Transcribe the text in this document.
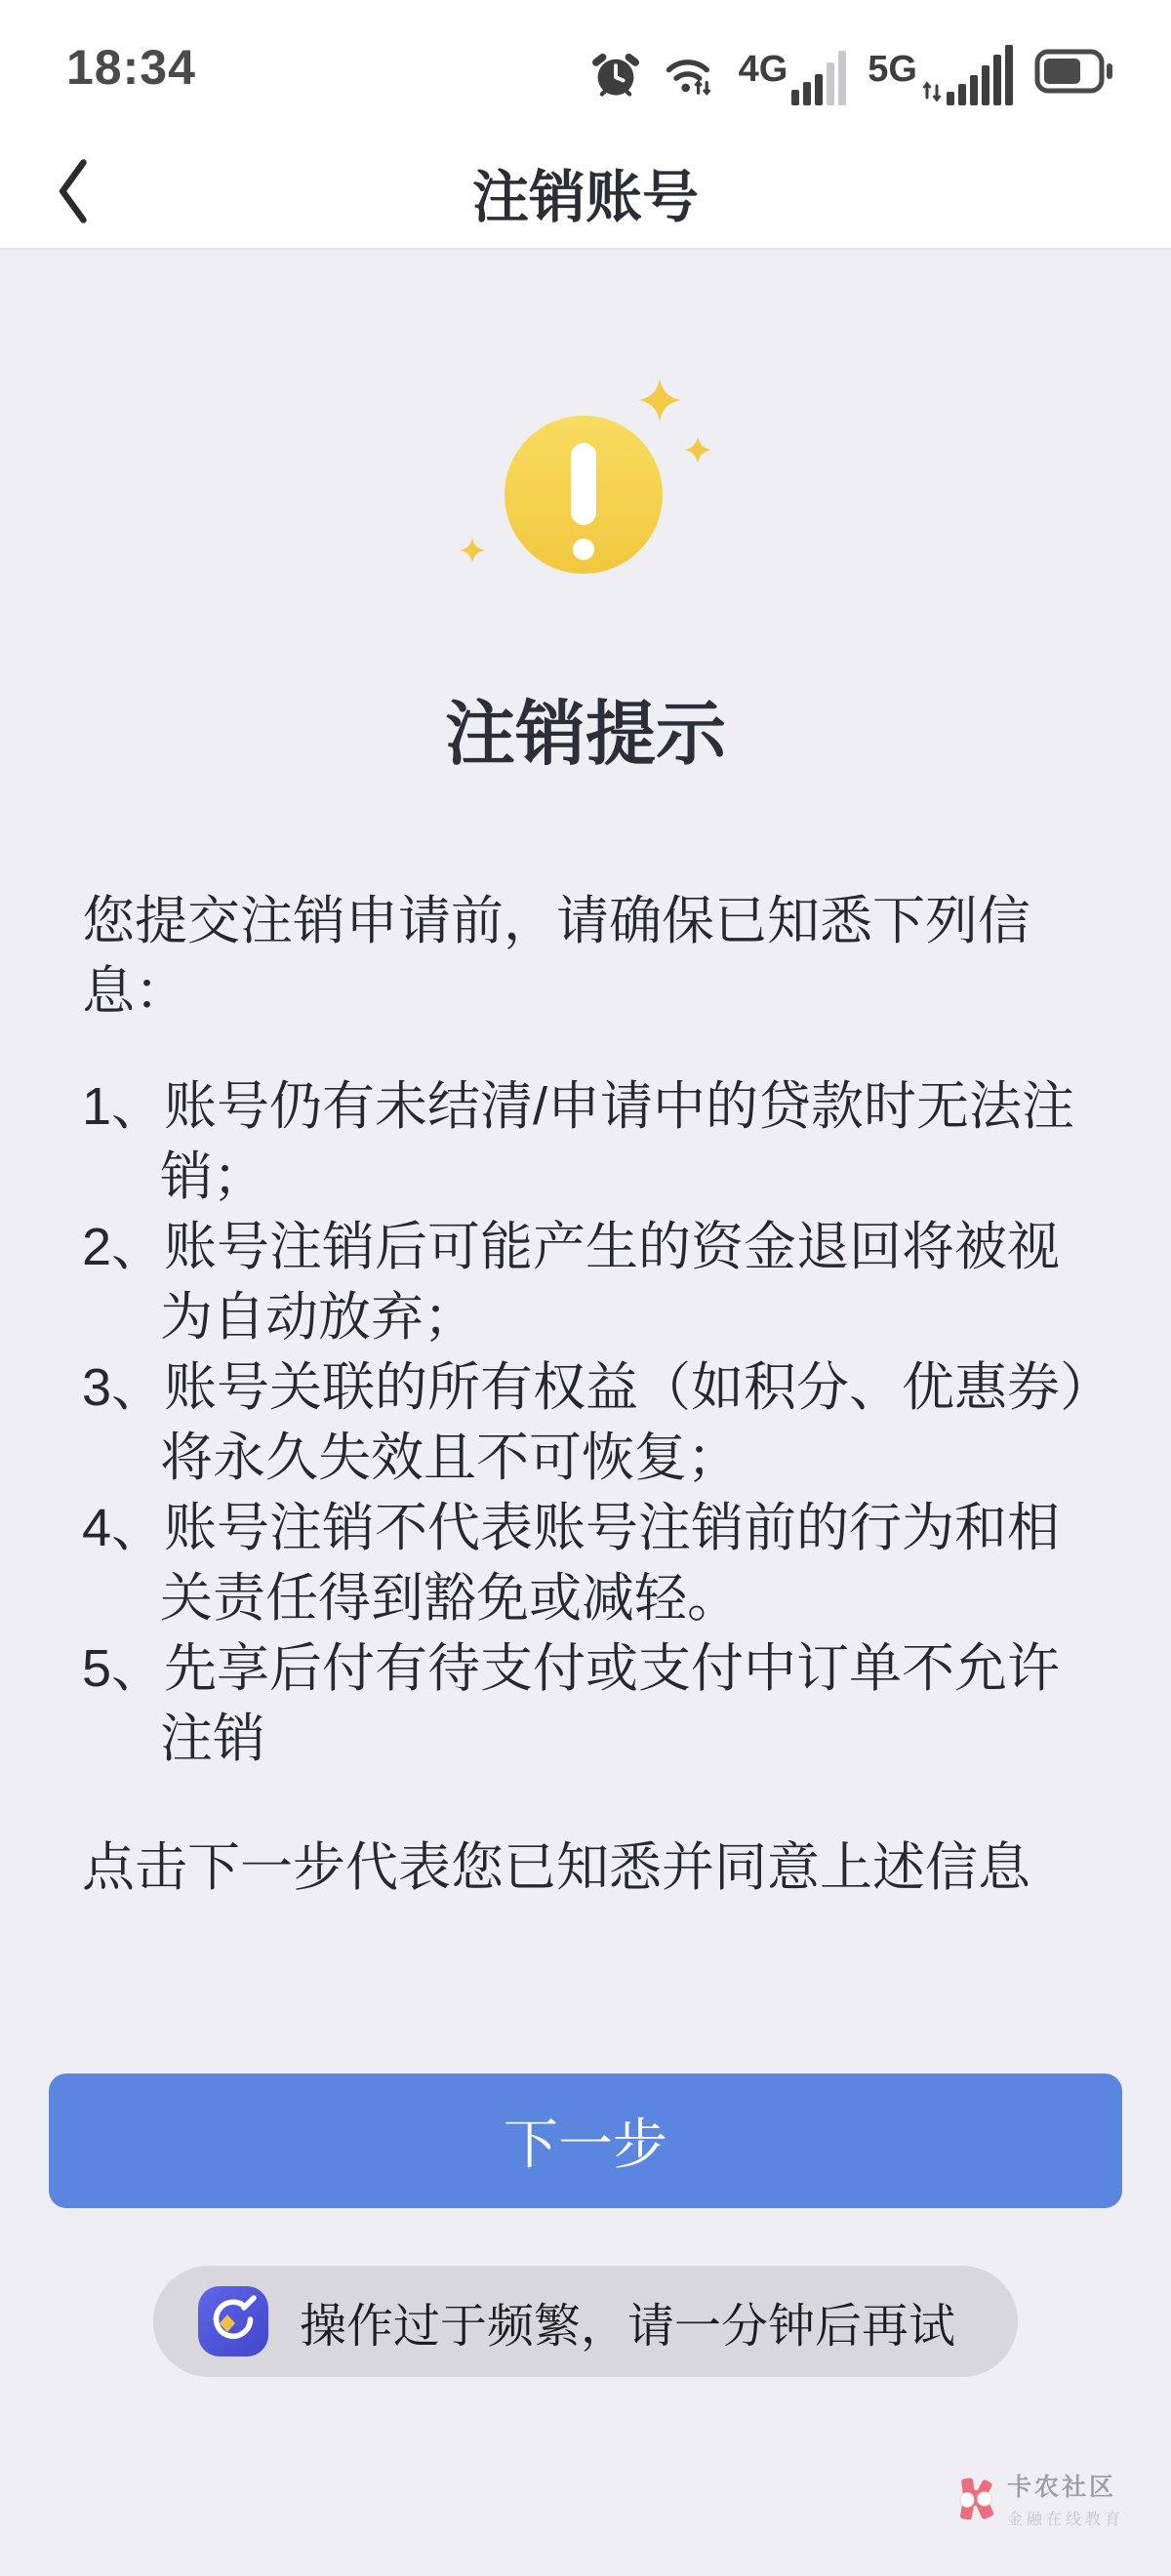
18:34	4G 5G
注销账号
注销提示

您提交注销申请前，请确保已知悉下列信息：

1、账号仍有未结清/申请中的贷款时无法注销；
2、账号注销后可能产生的资金退回将被视为自动放弃；
3、账号关联的所有权益（如积分、优惠券）将永久失效且不可恢复；
4、账号注销不代表账号注销前的行为和相关责任得到豁免或减轻。
5、先享后付有待支付或支付中订单不允许注销

点击下一步代表您已知悉并同意上述信息

下一步
操作过于频繁，请一分钟后再试
卡农社区
金融在线教育
